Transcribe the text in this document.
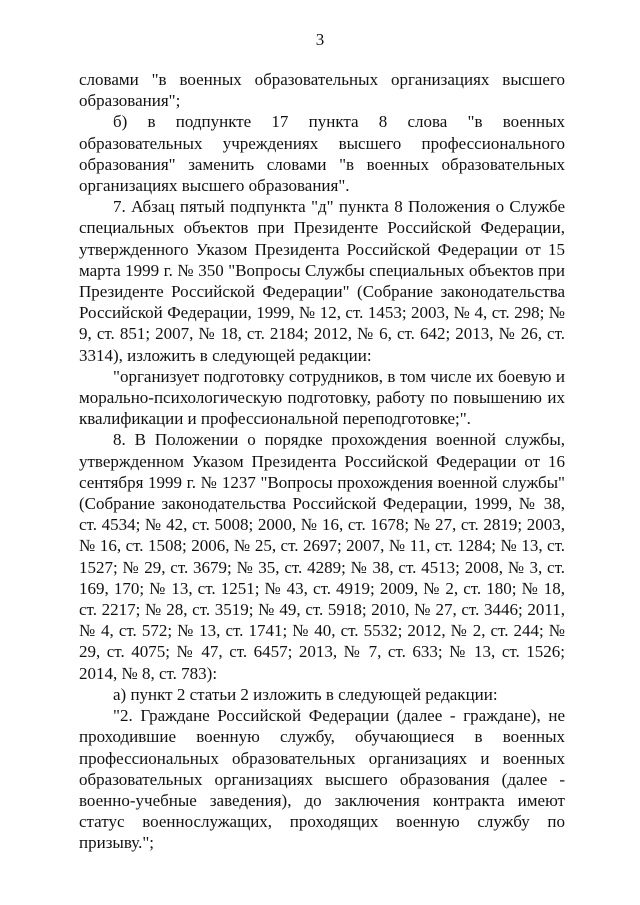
3

словами "в военных образовательных организациях высшего образования";

б) в подпункте 17 пункта 8 слова "в военных образовательных учреждениях высшего профессионального образования" заменить словами "в военных образовательных организациях высшего образования".

7. Абзац пятый подпункта "д" пункта 8 Положения о Службе специальных объектов при Президенте Российской Федерации, утвержденного Указом Президента Российской Федерации от 15 марта 1999 г. № 350 "Вопросы Службы специальных объектов при Президенте Российской Федерации" (Собрание законодательства Российской Федерации, 1999, № 12, ст. 1453; 2003, № 4, ст. 298; № 9, ст. 851; 2007, № 18, ст. 2184; 2012, № 6, ст. 642; 2013, № 26, ст. 3314), изложить в следующей редакции:

"организует подготовку сотрудников, в том числе их боевую и морально-психологическую подготовку, работу по повышению их квалификации и профессиональной переподготовке;".

8. В Положении о порядке прохождения военной службы, утвержденном Указом Президента Российской Федерации от 16 сентября 1999 г. № 1237 "Вопросы прохождения военной службы" (Собрание законодательства Российской Федерации, 1999, № 38, ст. 4534; № 42, ст. 5008; 2000, № 16, ст. 1678; № 27, ст. 2819; 2003, № 16, ст. 1508; 2006, № 25, ст. 2697; 2007, № 11, ст. 1284; № 13, ст. 1527; № 29, ст. 3679; № 35, ст. 4289; № 38, ст. 4513; 2008, № 3, ст. 169, 170; № 13, ст. 1251; № 43, ст. 4919; 2009, № 2, ст. 180; № 18, ст. 2217; № 28, ст. 3519; № 49, ст. 5918; 2010, № 27, ст. 3446; 2011, № 4, ст. 572; № 13, ст. 1741; № 40, ст. 5532; 2012, № 2, ст. 244; № 29, ст. 4075; № 47, ст. 6457; 2013, № 7, ст. 633; № 13, ст. 1526; 2014, № 8, ст. 783):

а) пункт 2 статьи 2 изложить в следующей редакции:

"2. Граждане Российской Федерации (далее - граждане), не проходившие военную службу, обучающиеся в военных профессиональных образовательных организациях и военных образовательных организациях высшего образования (далее - военно-учебные заведения), до заключения контракта имеют статус военнослужащих, проходящих военную службу по призыву.";
